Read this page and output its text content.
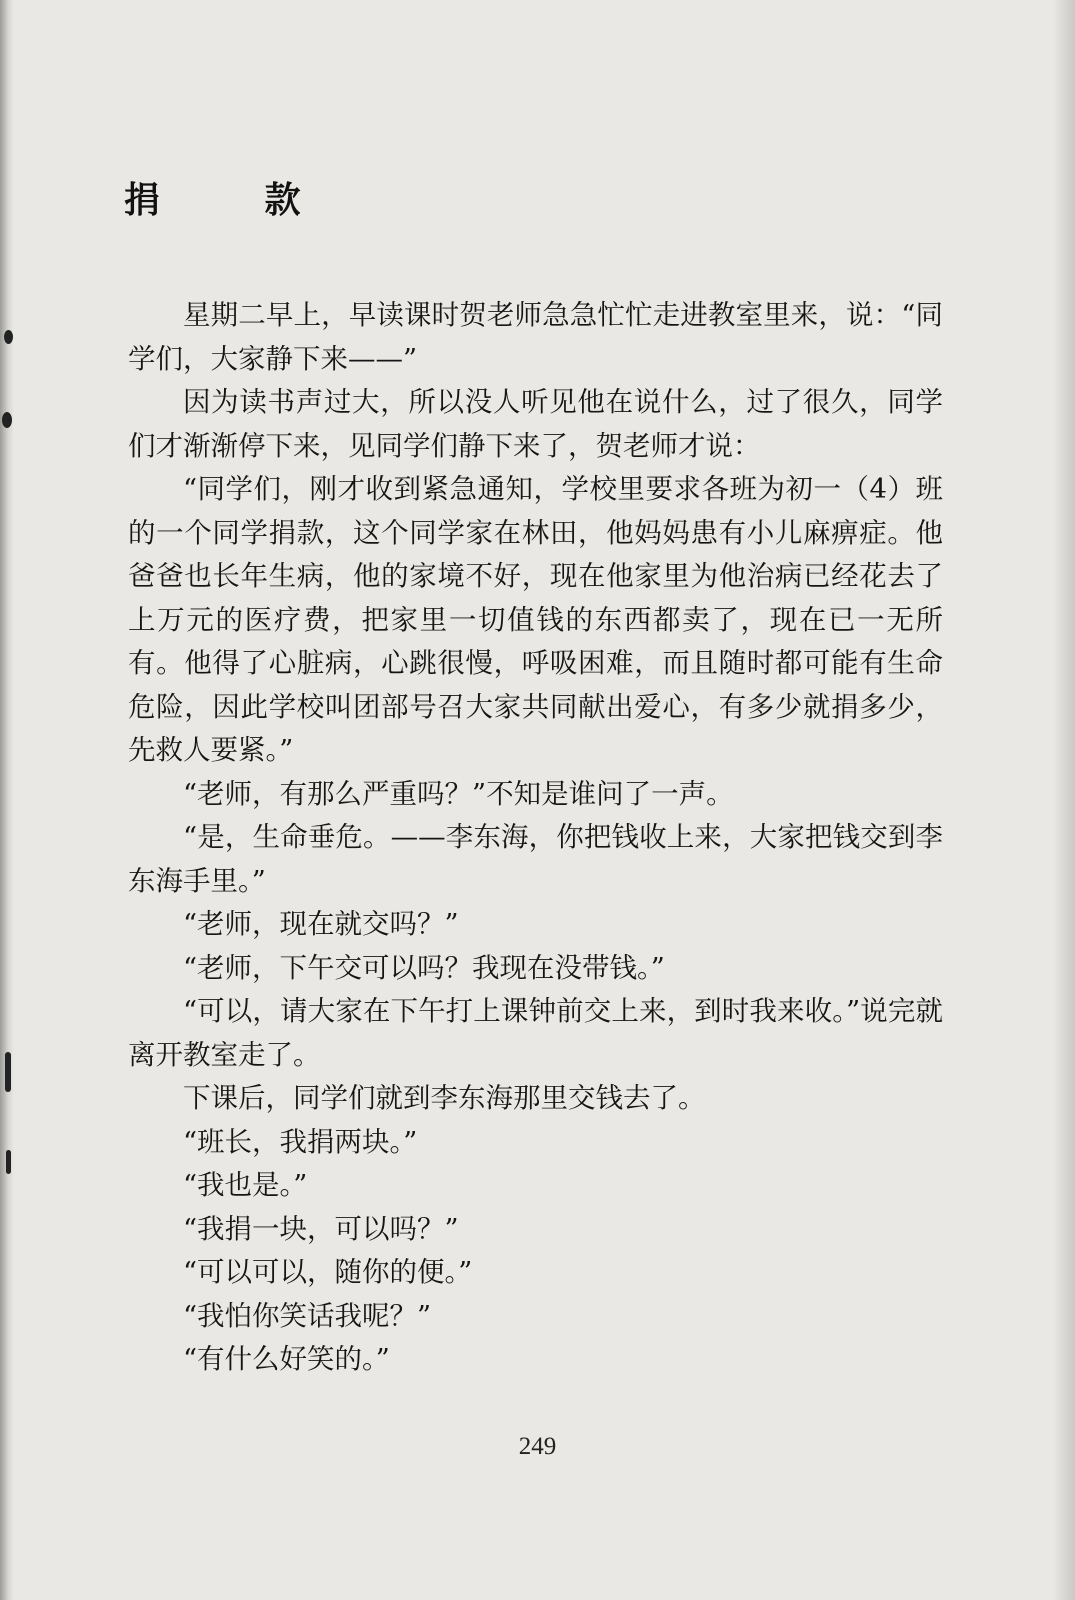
捐 款

星期二早上，早读课时贺老师急急忙忙走进教室里来，说：“同学们，大家静下来——”

因为读书声过大，所以没人听见他在说什么，过了很久，同学们才渐渐停下来，见同学们静下来了，贺老师才说：

“同学们，刚才收到紧急通知，学校里要求各班为初一（4）班的一个同学捐款，这个同学家在林田，他妈妈患有小儿麻痹症。他爸爸也长年生病，他的家境不好，现在他家里为他治病已经花去了上万元的医疗费，把家里一切值钱的东西都卖了，现在已一无所有。他得了心脏病，心跳很慢，呼吸困难，而且随时都可能有生命危险，因此学校叫团部号召大家共同献出爱心，有多少就捐多少，先救人要紧。”

“老师，有那么严重吗？”不知是谁问了一声。

“是，生命垂危。——李东海，你把钱收上来，大家把钱交到李东海手里。”

“老师，现在就交吗？”

“老师，下午交可以吗？我现在没带钱。”

“可以，请大家在下午打上课钟前交上来，到时我来收。”说完就离开教室走了。

下课后，同学们就到李东海那里交钱去了。

“班长，我捐两块。”

“我也是。”

“我捐一块，可以吗？”

“可以可以，随你的便。”

“我怕你笑话我呢？”

“有什么好笑的。”

249
